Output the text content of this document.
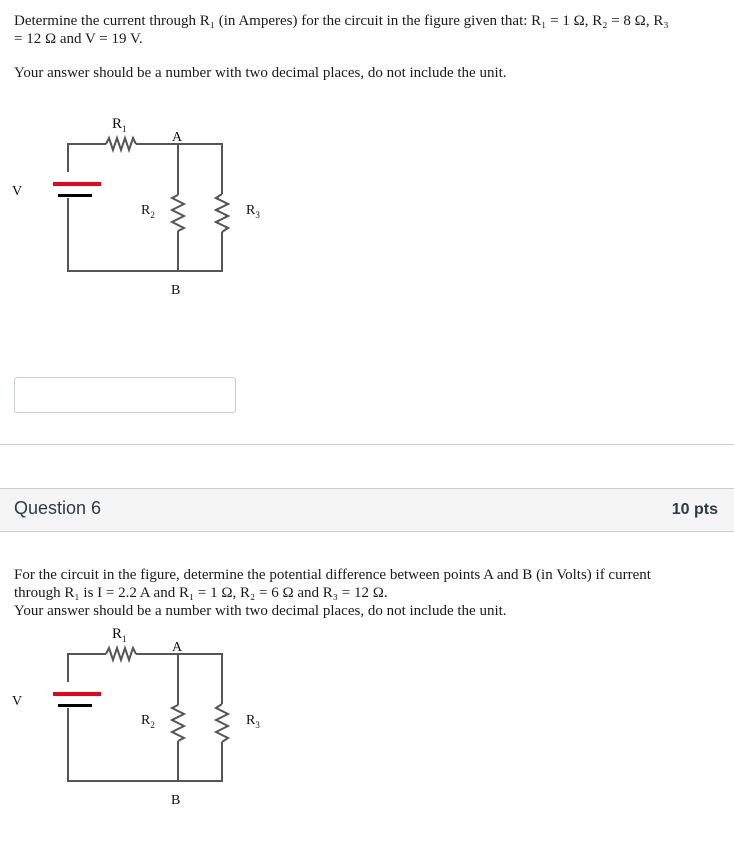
Determine the current through R₁ (in Amperes) for the circuit in the figure given that: R₁ = 1 Ω, R₂ = 8 Ω, R₃

= 12 Ω and V = 19 V.

Your answer should be a number with two decimal places, do not include the unit.

$R_1$
A
V
$R_2$	$R_3$
B
Question 6	10 pts

For the circuit in the figure, determine the potential difference between points A and B (in Volts) if current

through R₁ is I = 2.2 A and R₁ = 1 Ω, R₂ = 6 Ω and R₃ = 12 Ω.

Your answer should be a number with two decimal places, do not include the unit.

$R_1$
A
V
$R_2$	$R_3$
B
